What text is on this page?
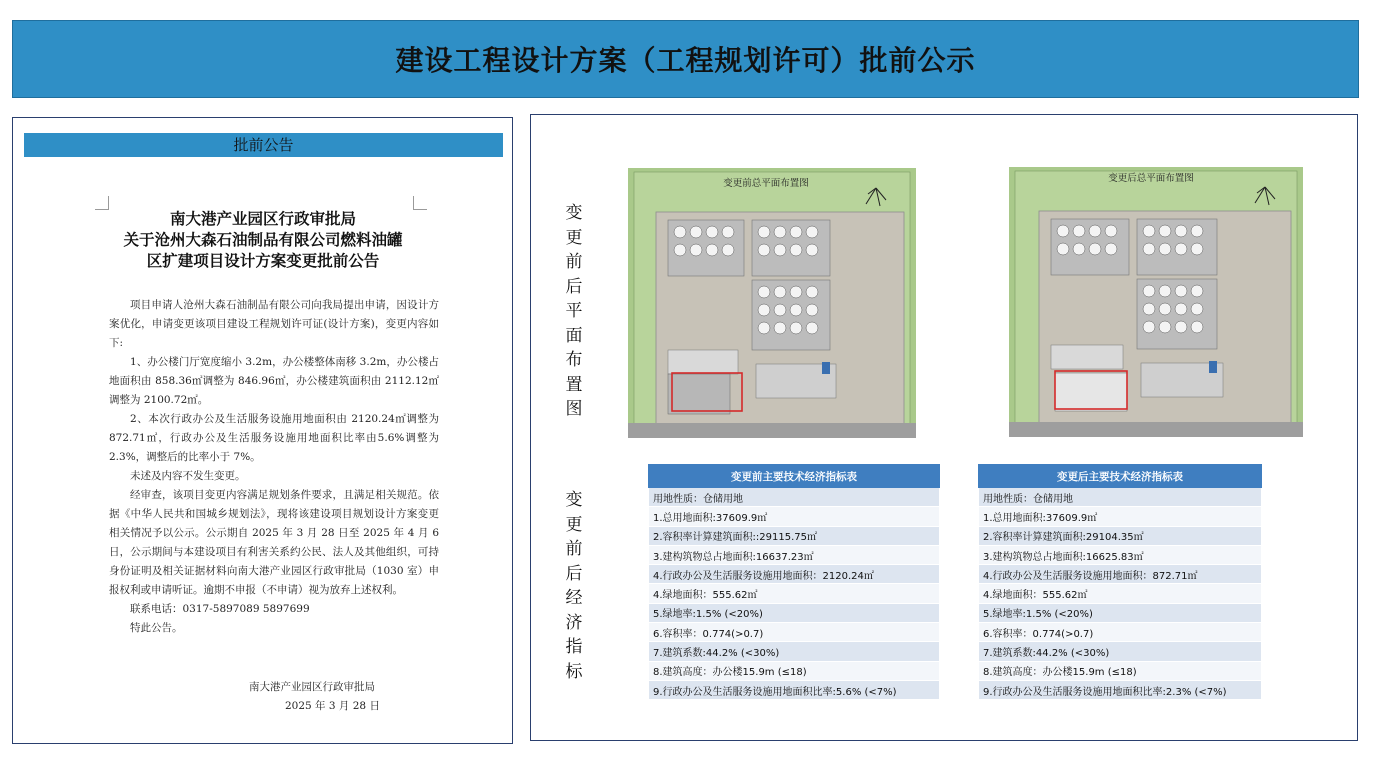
建设工程设计方案（工程规划许可）批前公示
批前公告
南大港产业园区行政审批局
关于沧州大森石油制品有限公司燃料油罐
区扩建项目设计方案变更批前公告

项目申请人沧州大森石油制品有限公司向我局提出申请，因设计方案优化，申请变更该项目建设工程规划许可证(设计方案)，变更内容如下:

1、办公楼门厅宽度缩小 3.2m，办公楼整体南移 3.2m，办公楼占地面积由 858.36㎡调整为 846.96㎡，办公楼建筑面积由 2112.12㎡调整为 2100.72㎡。

2、本次行政办公及生活服务设施用地面积由 2120.24㎡调整为 872.71㎡，行政办公及生活服务设施用地面积比率由5.6%调整为 2.3%，调整后的比率小于 7%。

未述及内容不发生变更。

经审查，该项目变更内容满足规划条件要求，且满足相关规范。依据《中华人民共和国城乡规划法》，现将该建设项目规划设计方案变更相关情况予以公示。公示期自 2025 年 3 月 28 日至 2025 年 4 月 6 日，公示期间与本建设项目有利害关系约公民、法人及其他组织，可持身份证明及相关证据材料向南大港产业园区行政审批局（1030 室）申报权利或申请听证。逾期不申报（不申请）视为放弃上述权利。

联系电话：0317-5897089 5897699

特此公告。

南大港产业园区行政审批局
2025 年 3 月 28 日
变更前后平面布置图
变更前后经济指标
变更前总平面布置图	变更后总平面布置图
变更前主要技术经济指标表
用地性质：仓储用地
1.总用地面积:37609.9㎡
2.容积率计算建筑面积::29115.75㎡
3.建构筑物总占地面积:16637.23㎡
4.行政办公及生活服务设施用地面积：2120.24㎡
4.绿地面积：555.62㎡
5.绿地率:1.5% (<20%)
6.容积率：0.774(>0.7)
7.建筑系数:44.2% (<30%)
8.建筑高度：办公楼15.9m (≤18)
9.行政办公及生活服务设施用地面积比率:5.6% (<7%)
变更后主要技术经济指标表
用地性质：仓储用地
1.总用地面积:37609.9㎡
2.容积率计算建筑面积:29104.35㎡
3.建构筑物总占地面积:16625.83㎡
4.行政办公及生活服务设施用地面积：872.71㎡
4.绿地面积：555.62㎡
5.绿地率:1.5% (<20%)
6.容积率：0.774(>0.7)
7.建筑系数:44.2% (<30%)
8.建筑高度：办公楼15.9m (≤18)
9.行政办公及生活服务设施用地面积比率:2.3% (<7%)
